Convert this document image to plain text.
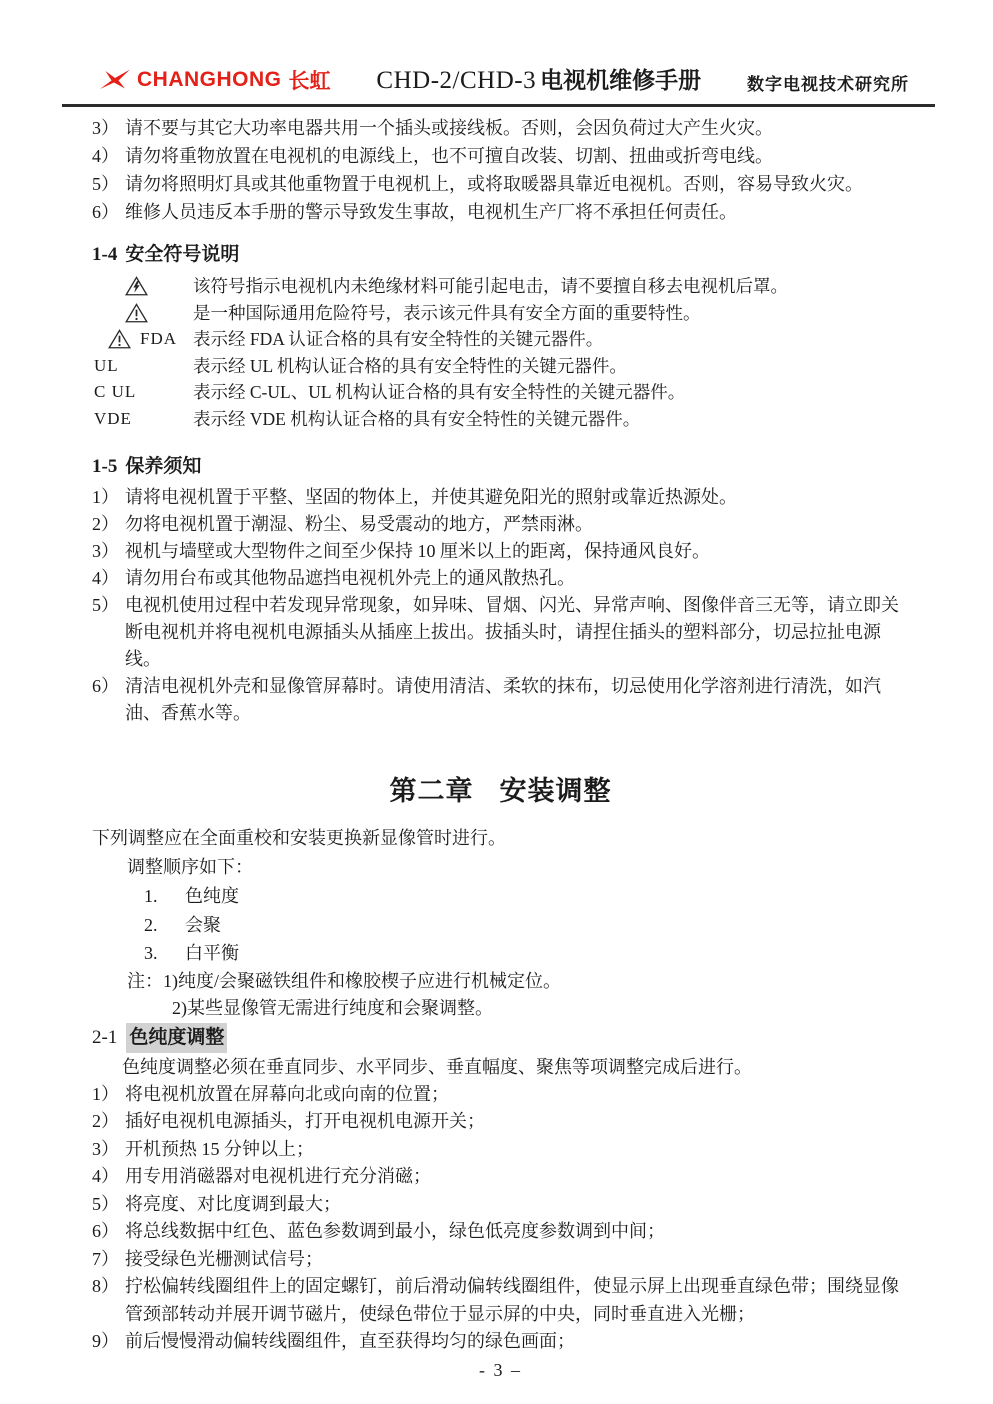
CHANGHONG 长虹 CHD-2/CHD-3 电视机维修手册	数字电视技术研究所
3） 请不要与其它大功率电器共用一个插头或接线板。否则，会因负荷过大产生火灾。
4） 请勿将重物放置在电视机的电源线上，也不可擅自改装、切割、扭曲或折弯电线。
5） 请勿将照明灯具或其他重物置于电视机上，或将取暖器具靠近电视机。否则，容易导致火灾。
6） 维修人员违反本手册的警示导致发生事故，电视机生产厂将不承担任何责任。
1-4 安全符号说明
该符号指示电视机内未绝缘材料可能引起电击，请不要擅自移去电视机后罩。
是一种国际通用危险符号，表示该元件具有安全方面的重要特性。
FDA 表示经 FDA 认证合格的具有安全特性的关键元器件。
UL	表示经 UL 机构认证合格的具有安全特性的关键元器件。
C UL	表示经 C-UL、UL 机构认证合格的具有安全特性的关键元器件。
VDE	表示经 VDE 机构认证合格的具有安全特性的关键元器件。
1-5 保养须知
1） 请将电视机置于平整、坚固的物体上，并使其避免阳光的照射或靠近热源处。
2） 勿将电视机置于潮湿、粉尘、易受震动的地方，严禁雨淋。
3） 视机与墙壁或大型物件之间至少保持 10 厘米以上的距离，保持通风良好。
4） 请勿用台布或其他物品遮挡电视机外壳上的通风散热孔。
5） 电视机使用过程中若发现异常现象，如异味、冒烟、闪光、异常声响、图像伴音三无等，请立即关断电视机并将电视机电源插头从插座上拔出。拔插头时，请捏住插头的塑料部分，切忌拉扯电源线。
6） 清洁电视机外壳和显像管屏幕时。请使用清洁、柔软的抹布，切忌使用化学溶剂进行清洗，如汽油、香蕉水等。
第二章 安装调整
下列调整应在全面重校和安装更换新显像管时进行。
调整顺序如下：
1.	色纯度
2.	会聚
3.	白平衡
注： 1)纯度/会聚磁铁组件和橡胶楔子应进行机械定位。
2)某些显像管无需进行纯度和会聚调整。
2-1 色纯度调整
色纯度调整必须在垂直同步、水平同步、垂直幅度、聚焦等项调整完成后进行。
1） 将电视机放置在屏幕向北或向南的位置；
2） 插好电视机电源插头，打开电视机电源开关；
3） 开机预热 15 分钟以上；
4） 用专用消磁器对电视机进行充分消磁；
5） 将亮度、对比度调到最大；
6） 将总线数据中红色、蓝色参数调到最小，绿色低亮度参数调到中间；
7） 接受绿色光栅测试信号；
8） 拧松偏转线圈组件上的固定螺钉，前后滑动偏转线圈组件，使显示屏上出现垂直绿色带；围绕显像管颈部转动并展开调节磁片，使绿色带位于显示屏的中央，同时垂直进入光栅；
9） 前后慢慢滑动偏转线圈组件，直至获得均匀的绿色画面；
- 3 –
